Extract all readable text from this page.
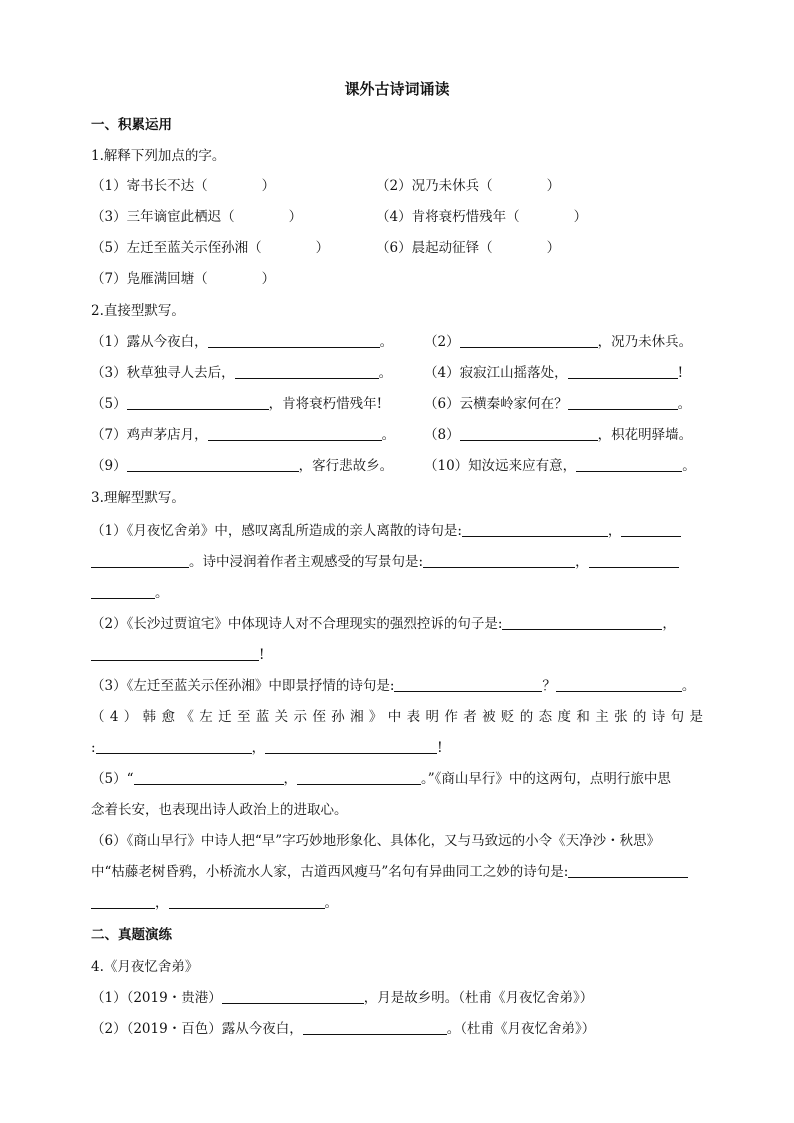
课外古诗词诵读
一、积累运用
1.解释下列加点的字。
（1）寄书长不达（　　　　）	（2）况乃未休兵（　　　　）
（3）三年谪宦此栖迟（　　　　）	（4）肯将衰朽惜残年（　　　　）
（5）左迁至蓝关示侄孙湘（　　　　）	（6）晨起动征铎（　　　　）
（7）凫雁满回塘（　　　　）
2.直接型默写。
（1）露从今夜白，	。 （2）	，况乃未休兵。
（3）秋草独寻人去后，	。 （4）寂寂江山摇落处，	!
（5）	，肯将衰朽惜残年!	（6）云横秦岭家何在？	。
（7）鸡声茅店月，	。 （8）	，枳花明驿墙。
（9）	，客行悲故乡。 （10）知汝远来应有意，	。
3.理解型默写。
（1）《月夜忆舍弟》中，感叹离乱所造成的亲人离散的诗句是:	，
。诗中浸润着作者主观感受的写景句是:	，
。
（2）《长沙过贾谊宅》中体现诗人对不合理现实的强烈控诉的句子是:	，
!
（3）《左迁至蓝关示侄孙湘》中即景抒情的诗句是:	？	。
（4）韩愈《左迁至蓝关示侄孙湘》中表明作者被贬的态度和主张的诗句是
:	，	!
（5）“	，	。”《商山早行》中的这两句，点明行旅中思
念着长安，也表现出诗人政治上的进取心。
（6）《商山早行》中诗人把“早”字巧妙地形象化、具体化，又与马致远的小令《天净沙・秋思》
中“枯藤老树昏鸦，小桥流水人家，古道西风瘦马”名句有异曲同工之妙的诗句是:
，	。
二、真题演练
4.《月夜忆舍弟》
（1）（2019・贵港）	，月是故乡明。（杜甫《月夜忆舍弟》）
（2）（2019・百色）露从今夜白，	。（杜甫《月夜忆舍弟》）
